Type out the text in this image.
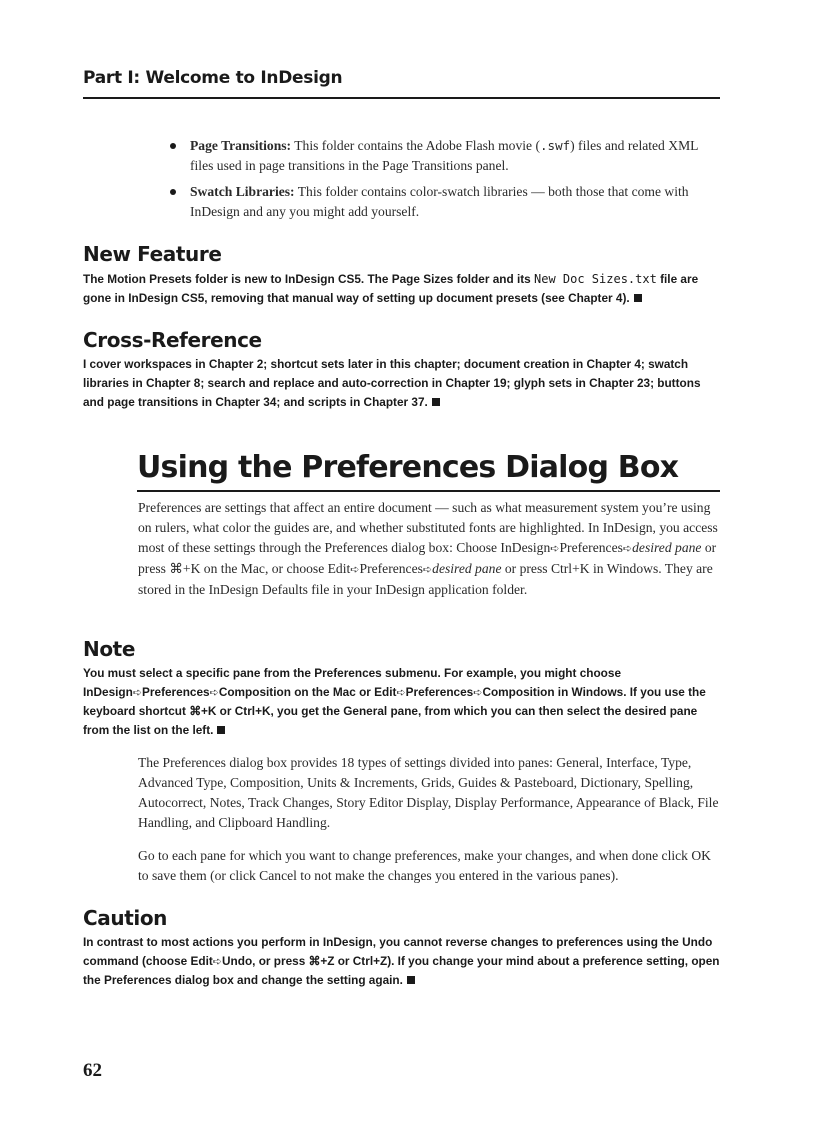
Part I: Welcome to InDesign
Page Transitions: This folder contains the Adobe Flash movie (.swf) files and related XML files used in page transitions in the Page Transitions panel.
Swatch Libraries: This folder contains color-swatch libraries — both those that come with InDesign and any you might add yourself.
New Feature
The Motion Presets folder is new to InDesign CS5. The Page Sizes folder and its New Doc Sizes.txt file are gone in InDesign CS5, removing that manual way of setting up document presets (see Chapter 4).
Cross-Reference
I cover workspaces in Chapter 2; shortcut sets later in this chapter; document creation in Chapter 4; swatch libraries in Chapter 8; search and replace and auto-correction in Chapter 19; glyph sets in Chapter 23; buttons and page transitions in Chapter 34; and scripts in Chapter 37.
Using the Preferences Dialog Box
Preferences are settings that affect an entire document — such as what measurement system you’re using on rulers, what color the guides are, and whether substituted fonts are highlighted. In InDesign, you access most of these settings through the Preferences dialog box: Choose InDesign➪Preferences➪desired pane or press ⌘+K on the Mac, or choose Edit➪Preferences➪desired pane or press Ctrl+K in Windows. They are stored in the InDesign Defaults file in your InDesign application folder.
Note
You must select a specific pane from the Preferences submenu. For example, you might choose InDesign➪Preferences➪Composition on the Mac or Edit➪Preferences➪Composition in Windows. If you use the keyboard shortcut ⌘+K or Ctrl+K, you get the General pane, from which you can then select the desired pane from the list on the left.
The Preferences dialog box provides 18 types of settings divided into panes: General, Interface, Type, Advanced Type, Composition, Units & Increments, Grids, Guides & Pasteboard, Dictionary, Spelling, Autocorrect, Notes, Track Changes, Story Editor Display, Display Performance, Appearance of Black, File Handling, and Clipboard Handling.
Go to each pane for which you want to change preferences, make your changes, and when done click OK to save them (or click Cancel to not make the changes you entered in the various panes).
Caution
In contrast to most actions you perform in InDesign, you cannot reverse changes to preferences using the Undo command (choose Edit➪Undo, or press ⌘+Z or Ctrl+Z). If you change your mind about a preference setting, open the Preferences dialog box and change the setting again.
62
